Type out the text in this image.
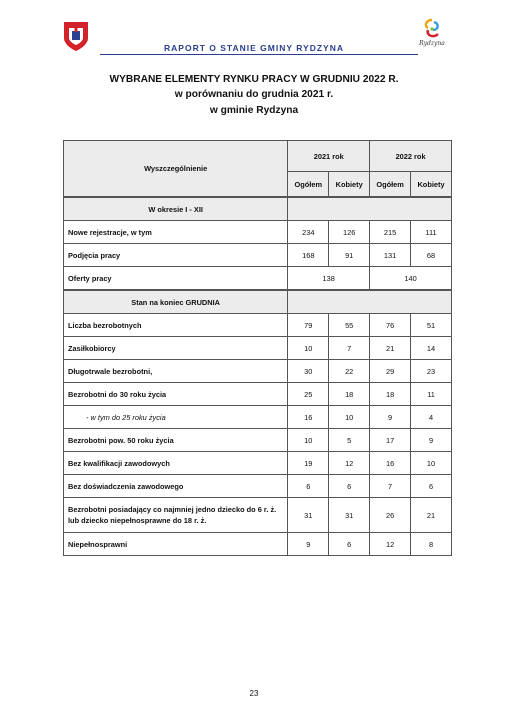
RAPORT O STANIE GMINY RYDZYNA	Rydzyna
WYBRANE ELEMENTY RYNKU PRACY W GRUDNIU 2022 R.
w porównaniu do grudnia 2021 r.
w gminie Rydzyna
Wyszczególnienie	2021 rok		2022 rok	
	Ogółem	Kobiety	Ogółem	Kobiety
W okresie I - XII				
Nowe rejestracje, w tym	234	126	215	111
Podjęcia pracy	168	91	131	68
Oferty pracy	138		140	
Stan na koniec GRUDNIA				
Liczba bezrobotnych	79	55	76	51
Zasiłkobiorcy	10	7	21	14
Długotrwale bezrobotni,	30	22	29	23
Bezrobotni do 30 roku życia	25	18	18	11
- w tym do 25 roku życia	16	10	9	4
Bezrobotni pow. 50 roku życia	10	5	17	9
Bez kwalifikacji zawodowych	19	12	16	10
Bez doświadczenia zawodowego	6	6	7	6
Bezrobotni posiadający co najmniej jedno dziecko do 6 r. ż. lub dziecko niepełnosprawne do 18 r. ż.	31	31	26	21
Niepełnosprawni	9	6	12	8
23
